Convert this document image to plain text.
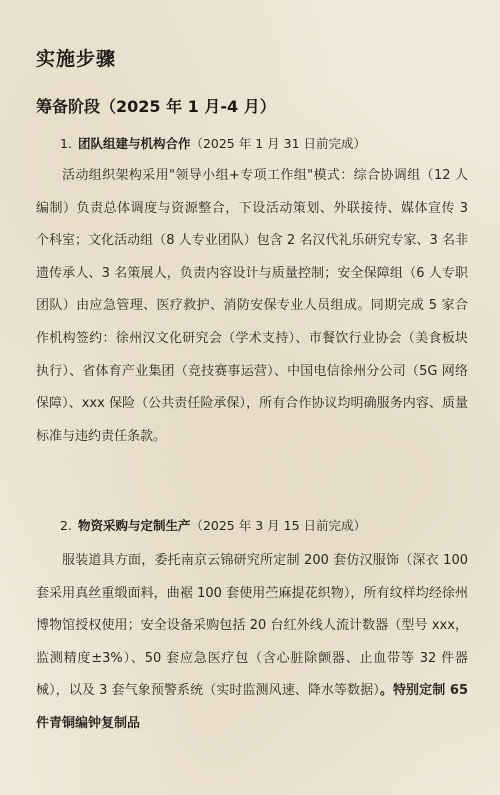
实施步骤
筹备阶段（2025 年 1 月-4 月）
1. 团队组建与机构合作（2025 年 1 月 31 日前完成）

活动组织架构采用"领导小组+专项工作组"模式：综合协调组（12 人编制）负责总体调度与资源整合，下设活动策划、外联接待、媒体宣传 3 个科室；文化活动组（8 人专业团队）包含 2 名汉代礼乐研究专家、3 名非遗传承人、3 名策展人，负责内容设计与质量控制；安全保障组（6 人专职团队）由应急管理、医疗救护、消防安保专业人员组成。同期完成 5 家合作机构签约：徐州汉文化研究会（学术支持）、市餐饮行业协会（美食板块执行）、省体育产业集团（竞技赛事运营）、中国电信徐州分公司（5G 网络保障）、xxx 保险（公共责任险承保），所有合作协议均明确服务内容、质量标准与违约责任条款。

2. 物资采购与定制生产（2025 年 3 月 15 日前完成）

服装道具方面，委托南京云锦研究所定制 200 套仿汉服饰（深衣 100 套采用真丝重缎面料，曲裾 100 套使用苎麻提花织物），所有纹样均经徐州博物馆授权使用；安全设备采购包括 20 台红外线人流计数器（型号 xxx，监测精度±3%）、50 套应急医疗包（含心脏除颤器、止血带等 32 件器械），以及 3 套气象预警系统（实时监测风速、降水等数据）。特别定制 65 件青铜编钟复制品
